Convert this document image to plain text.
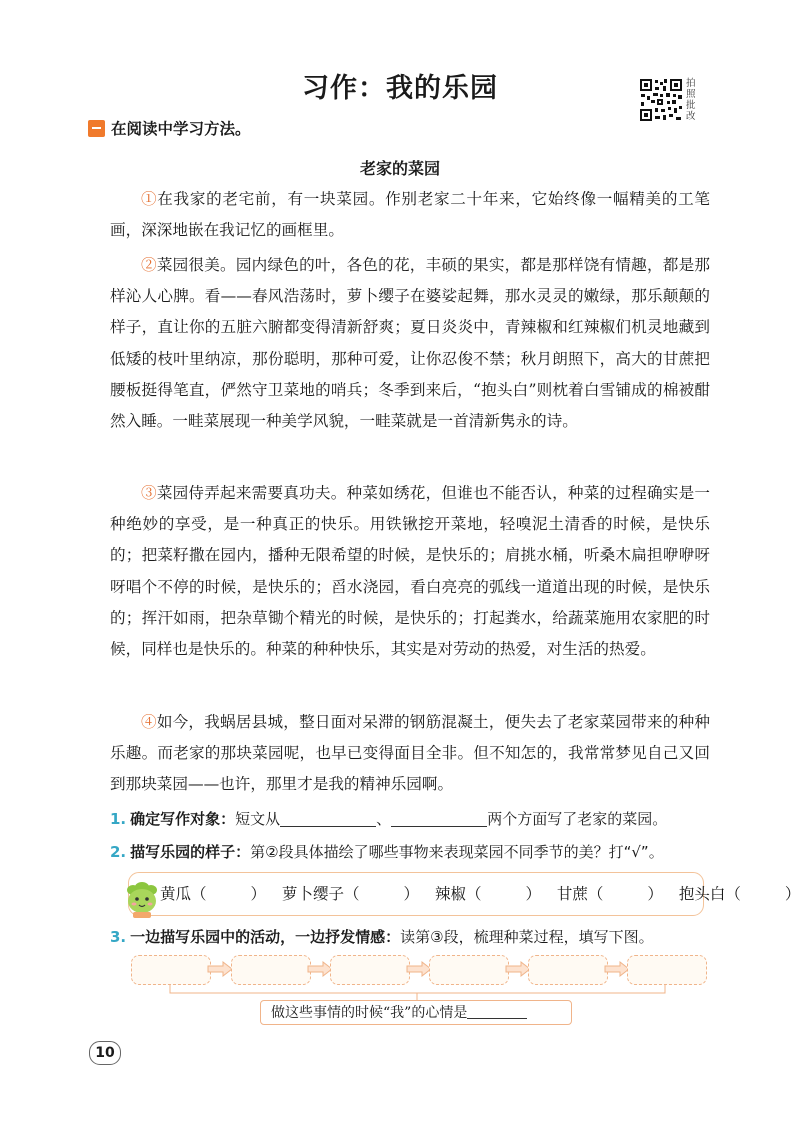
习作：我的乐园	拍照批改
在阅读中学习方法。
老家的菜园

①在我家的老宅前，有一块菜园。作别老家二十年来，它始终像一幅精美的工笔画，深深地嵌在我记忆的画框里。

②菜园很美。园内绿色的叶，各色的花，丰硕的果实，都是那样饶有情趣，都是那样沁人心脾。看——春风浩荡时，萝卜缨子在婆娑起舞，那水灵灵的嫩绿，那乐颠颠的样子，直让你的五脏六腑都变得清新舒爽；夏日炎炎中，青辣椒和红辣椒们机灵地藏到低矮的枝叶里纳凉，那份聪明，那种可爱，让你忍俊不禁；秋月朗照下，高大的甘蔗把腰板挺得笔直，俨然守卫菜地的哨兵；冬季到来后，“抱头白”则枕着白雪铺成的棉被酣然入睡。一畦菜展现一种美学风貌，一畦菜就是一首清新隽永的诗。

③菜园侍弄起来需要真功夫。种菜如绣花，但谁也不能否认，种菜的过程确实是一种绝妙的享受，是一种真正的快乐。用铁锹挖开菜地，轻嗅泥土清香的时候，是快乐的；把菜籽撒在园内，播种无限希望的时候，是快乐的；肩挑水桶，听桑木扁担咿咿呀呀唱个不停的时候，是快乐的；舀水浇园，看白亮亮的弧线一道道出现的时候，是快乐的；挥汗如雨，把杂草锄个精光的时候，是快乐的；打起粪水，给蔬菜施用农家肥的时候，同样也是快乐的。种菜的种种快乐，其实是对劳动的热爱，对生活的热爱。

④如今，我蜗居县城，整日面对呆滞的钢筋混凝土，便失去了老家菜园带来的种种乐趣。而老家的那块菜园呢，也早已变得面目全非。但不知怎的，我常常梦见自己又回到那块菜园——也许，那里才是我的精神乐园啊。

1. 确定写作对象：短文从	、	两个方面写了老家的菜园。
2. 描写乐园的样子：第②段具体描绘了哪些事物来表现菜园不同季节的美？打“√”。
黄瓜（	） 萝卜缨子（	） 辣椒（	） 甘蔗（	） 抱头白（	）
3. 一边描写乐园中的活动，一边抒发情感：读第③段，梳理种菜过程，填写下图。
做这些事情的时候“我”的心情是
10
